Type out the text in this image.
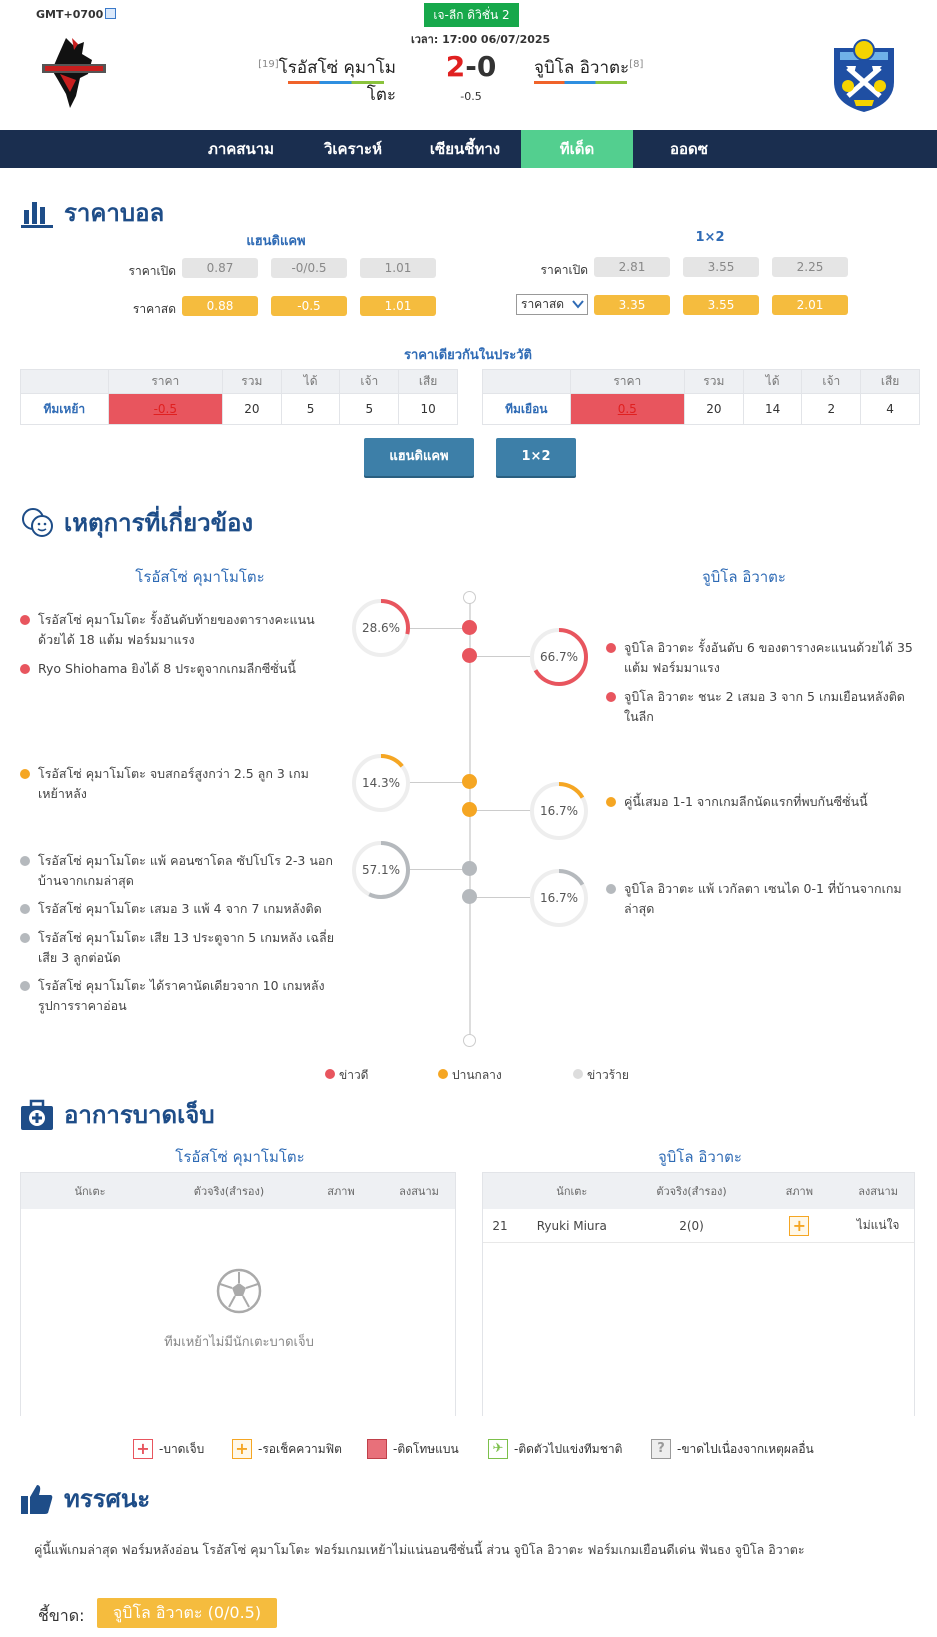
GMT+0700	เจ-ลีก ดิวิชั่น 2
เวลา: 17:00 06/07/2025
[19]โรอัสโซ่ คุมาโมโตะ
2-0
-0.5
จูบิโล อิวาตะ[8]
ภาคสนาม	วิเคราะห์	เซียนชี้ทาง	ทีเด็ด	ออดซ
ราคาบอล
แฮนดิแคพ	1×2
ราคาเปิด	0.87	-0/0.5	1.01
ราคาสด	0.88	-0.5	1.01
ราคาเปิด	2.81	3.55	2.25
ราคาสด	3.35	3.55	2.01
ราคาเดียวกันในประวัติ
	ราคา	รวม	ได้	เจ้า	เสีย
ทีมเหย้า	-0.5	20	5	5	10
	ราคา	รวม	ได้	เจ้า	เสีย
ทีมเยือน	0.5	20	14	2	4
แฮนดิแคพ	1×2
เหตุการที่เกี่ยวข้อง
โรอัสโซ่ คุมาโมโตะ	จูบิโล อิวาตะ
โรอัสโซ่ คุมาโมโตะ รั้งอันดับท้ายของตารางคะแนนด้วยได้ 18 แต้ม ฟอร์มมาแรง
Ryo Shiohama ยิงได้ 8 ประตูจากเกมลีกซีซั่นนี้
โรอัสโซ่ คุมาโมโตะ จบสกอร์สูงกว่า 2.5 ลูก 3 เกมเหย้าหลัง
โรอัสโซ่ คุมาโมโตะ แพ้ คอนซาโดล ซัปโปโร 2-3 นอกบ้านจากเกมล่าสุด
โรอัสโซ่ คุมาโมโตะ เสมอ 3 แพ้ 4 จาก 7 เกมหลังติด
โรอัสโซ่ คุมาโมโตะ เสีย 13 ประตูจาก 5 เกมหลัง เฉลี่ยเสีย 3 ลูกต่อนัด
โรอัสโซ่ คุมาโมโตะ ได้ราคานัดเดียวจาก 10 เกมหลัง รูปการราคาอ่อน
จูบิโล อิวาตะ รั้งอันดับ 6 ของตารางคะแนนด้วยได้ 35 แต้ม ฟอร์มมาแรง
จูบิโล อิวาตะ ชนะ 2 เสมอ 3 จาก 5 เกมเยือนหลังติดในลีก
คู่นี้เสมอ 1-1 จากเกมลีกนัดแรกที่พบกันซีซั่นนี้
จูบิโล อิวาตะ แพ้ เวกัลตา เซนได 0-1 ที่บ้านจากเกมล่าสุด
28.6%
66.7%
14.3%
16.7%
57.1%
16.7%
ข่าวดี	ปานกลาง	ข่าวร้าย
อาการบาดเจ็บ
โรอัสโซ่ คุมาโมโตะ	จูบิโล อิวาตะ
นักเตะ	ตัวจริง(สำรอง)	สภาพ	ลงสนาม
ทีมเหย้าไม่มีนักเตะบาดเจ็บ
นักเตะ	ตัวจริง(สำรอง)	สภาพ	ลงสนาม
21	Ryuki Miura	2(0)	+	ไม่แน่ใจ
+ -บาดเจ็บ + -รอเช็คความฟิต	-ติดโทษแบน	✈ -ติดตัวไปแข่งทีมชาติ	?	-ขาดไปเนื่องจากเหตุผลอื่น
ทรรศนะ
คู่นี้แพ้เกมล่าสุด ฟอร์มหลังอ่อน โรอัสโซ่ คุมาโมโตะ ฟอร์มเกมเหย้าไม่แน่นอนซีซั่นนี้ ส่วน จูบิโล อิวาตะ ฟอร์มเกมเยือนดีเด่น ฟันธง จูบิโล อิวาตะ
ชี้ขาด:	จูบิโล อิวาตะ (0/0.5)
